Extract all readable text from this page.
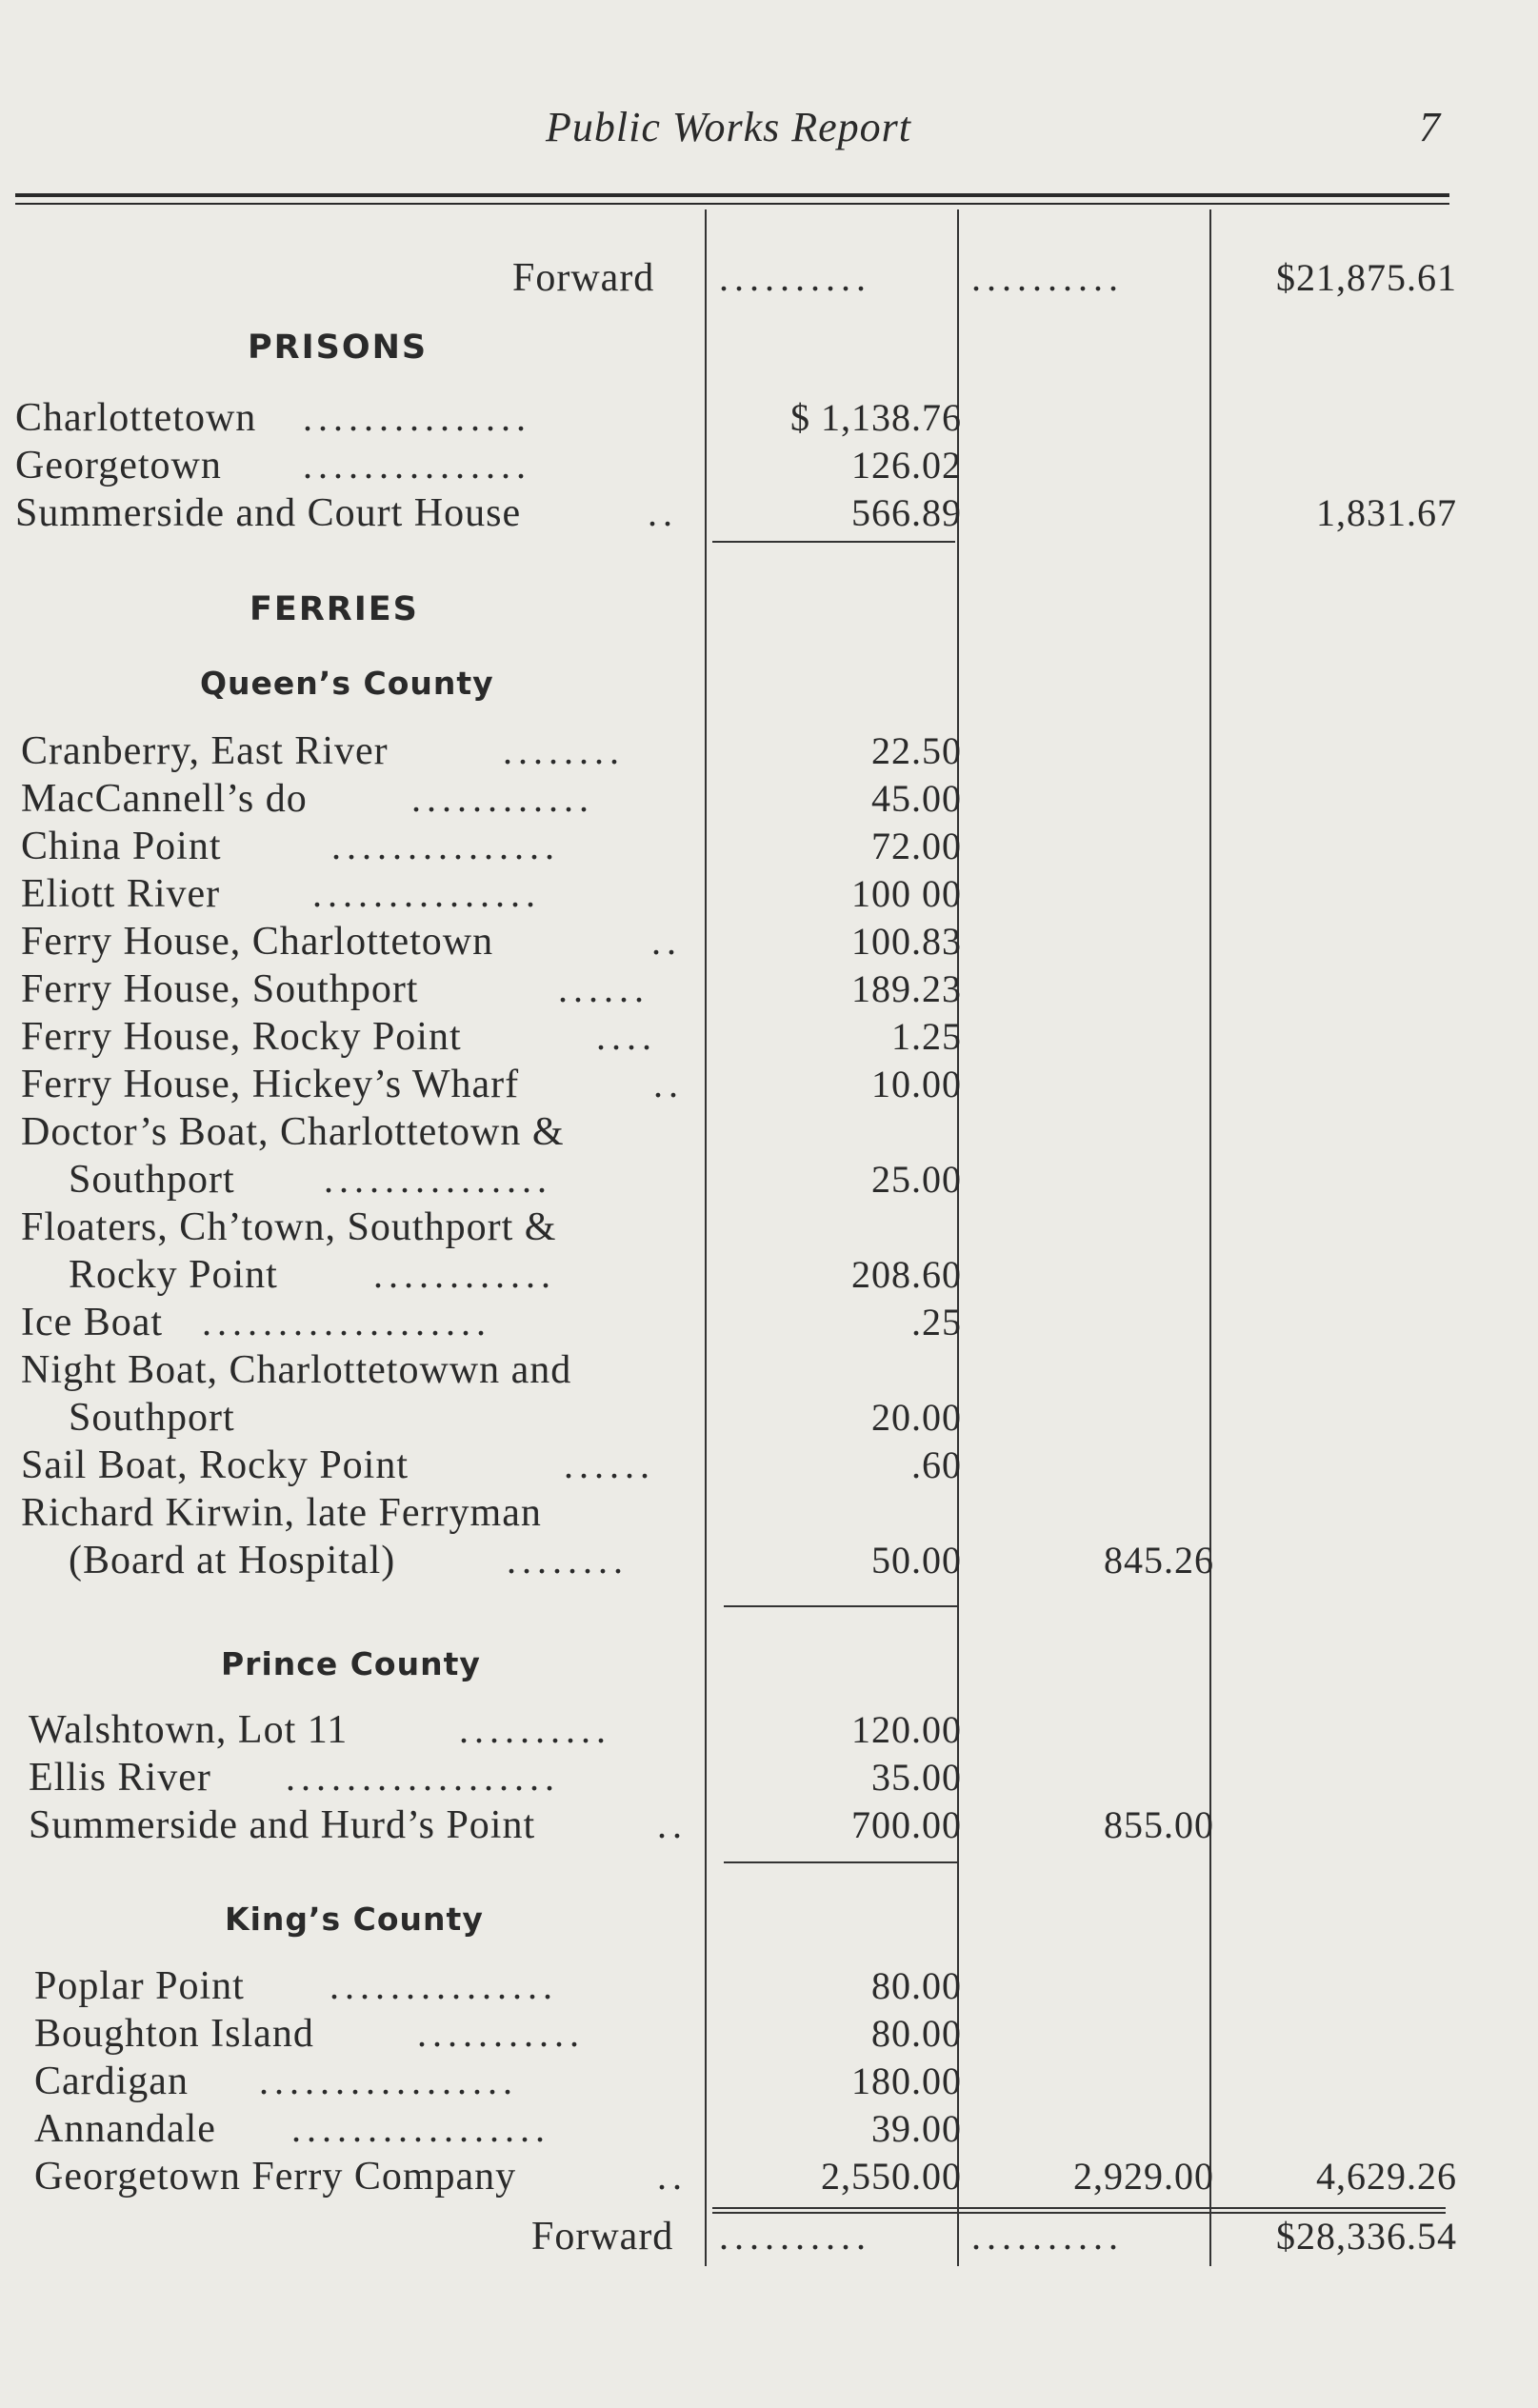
Public Works Report	7
Forward ..........	..........	$21,875.61
PRISONS
Charlottetown ...............	$ 1,138.76
Georgetown ...............	126.02
Summerside and Court House	..	566.89	1,831.67
FERRIES
Queen’s County
Cranberry, East River	........	22.50
MacCannell’s do	............	45.00
China Point	...............	72.00
Eliott River ...............	100 00
Ferry House, Charlottetown	..	100.83
Ferry House, Southport	......	189.23
Ferry House, Rocky Point	....	1.25
Ferry House, Hickey’s Wharf	..	10.00
Doctor’s Boat, Charlottetown &
Southport ...............	25.00
Floaters, Ch’town, Southport &
Rocky Point	............	208.60
Ice Boat ...................	.25
Night Boat, Charlottetowwn and
Southport	20.00
Sail Boat, Rocky Point	......	.60
Richard Kirwin, late Ferryman
(Board at Hospital)	........	50.00	845.26
Prince County
Walshtown, Lot 11	..........	120.00
Ellis River ..................	35.00
Summerside and Hurd’s Point	..	700.00	855.00
King’s County
Poplar Point ...............	80.00
Boughton Island	...........	80.00
Cardigan .................	180.00
Annandale .................	39.00
Georgetown Ferry Company	..	2,550.00	2,929.00	4,629.26
Forward ..........	..........	$28,336.54
